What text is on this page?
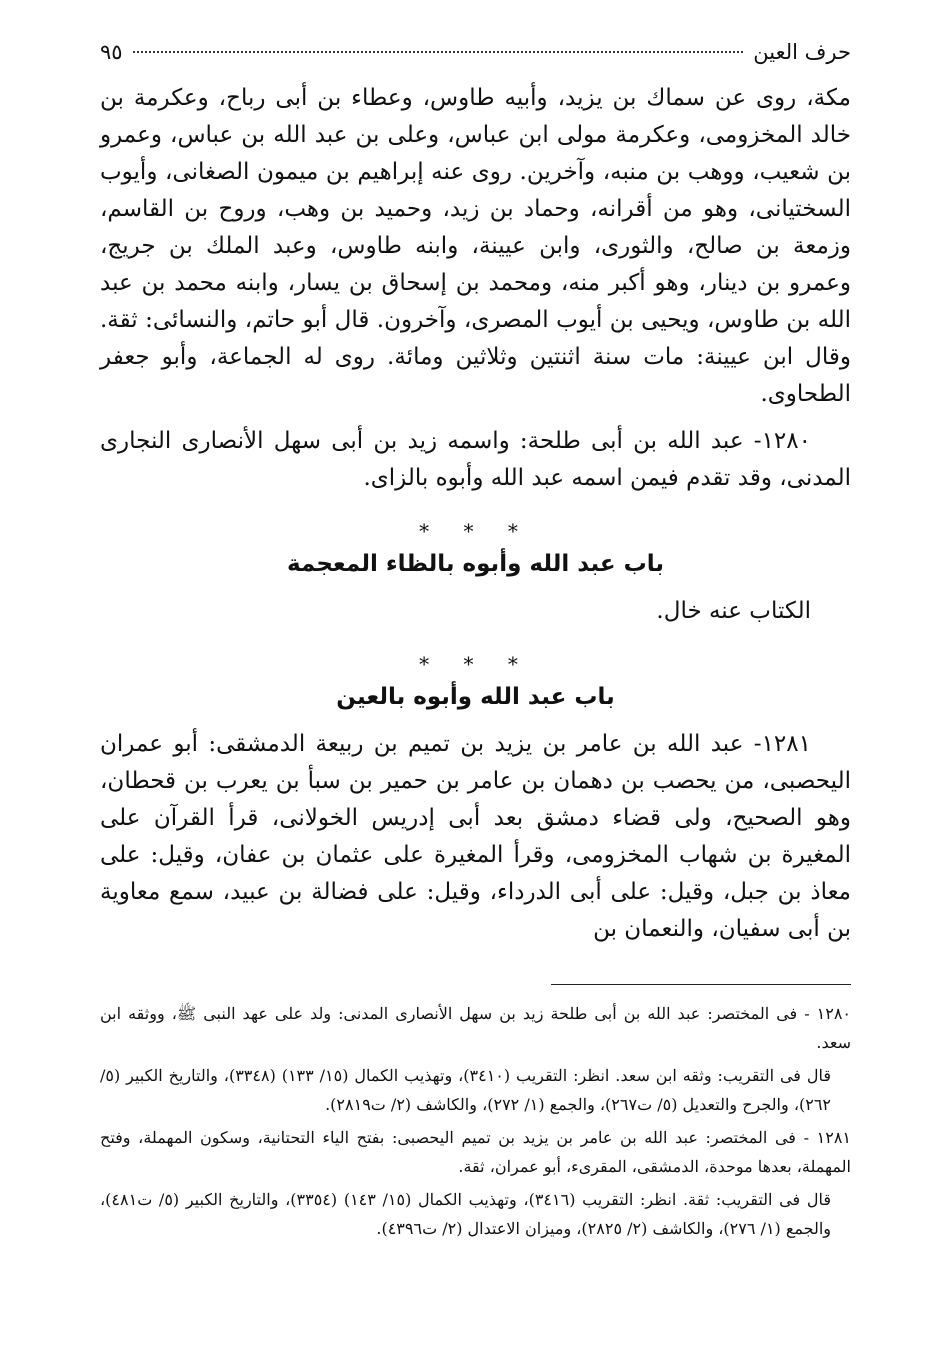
حرف العين
٩٥

مكة، روى عن سماك بن يزيد، وأبيه طاوس، وعطاء بن أبى رباح، وعكرمة بن خالد المخزومى، وعكرمة مولى ابن عباس، وعلى بن عبد الله بن عباس، وعمرو بن شعيب، ووهب بن منبه، وآخرين. روى عنه إبراهيم بن ميمون الصغانى، وأيوب السختيانى، وهو من أقرانه، وحماد بن زيد، وحميد بن وهب، وروح بن القاسم، وزمعة بن صالح، والثورى، وابن عيينة، وابنه طاوس، وعبد الملك بن جريج، وعمرو بن دينار، وهو أكبر منه، ومحمد بن إسحاق بن يسار، وابنه محمد بن عبد الله بن طاوس، ويحيى بن أيوب المصرى، وآخرون. قال أبو حاتم، والنسائى: ثقة. وقال ابن عيينة: مات سنة اثنتين وثلاثين ومائة. روى له الجماعة، وأبو جعفر الطحاوى.

١٢٨٠- عبد الله بن أبى طلحة: واسمه زيد بن أبى سهل الأنصارى النجارى المدنى، وقد تقدم فيمن اسمه عبد الله وأبوه بالزاى.

* * *
باب عبد الله وأبوه بالظاء المعجمة

الكتاب عنه خال.

* * *
باب عبد الله وأبوه بالعين

١٢٨١- عبد الله بن عامر بن يزيد بن تميم بن ربيعة الدمشقى: أبو عمران اليحصبى، من يحصب بن دهمان بن عامر بن حمير بن سبأ بن يعرب بن قحطان، وهو الصحيح، ولى قضاء دمشق بعد أبى إدريس الخولانى، قرأ القرآن على المغيرة بن شهاب المخزومى، وقرأ المغيرة على عثمان بن عفان، وقيل: على معاذ بن جبل، وقيل: على أبى الدرداء، وقيل: على فضالة بن عبيد، سمع معاوية بن أبى سفيان، والنعمان بن

١٢٨٠ - فى المختصر: عبد الله بن أبى طلحة زيد بن سهل الأنصارى المدنى: ولد على عهد النبى ﷺ، ووثقه ابن سعد.

قال فى التقريب: وثقه ابن سعد. انظر: التقريب (٣٤١٠)، وتهذيب الكمال (١٥/ ١٣٣) (٣٣٤٨)، والتاريخ الكبير (٥/ ٢٦٢)، والجرح والتعديل (٥/ ت٢٦٧)، والجمع (١/ ٢٧٢)، والكاشف (٢/ ت٢٨١٩).

١٢٨١ - فى المختصر: عبد الله بن عامر بن يزيد بن تميم اليحصبى: بفتح الياء التحتانية، وسكون المهملة، وفتح المهملة، بعدها موحدة، الدمشقى، المقرىء، أبو عمران، ثقة.

قال فى التقريب: ثقة. انظر: التقريب (٣٤١٦)، وتهذيب الكمال (١٥/ ١٤٣) (٣٣٥٤)، والتاريخ الكبير (٥/ ت٤٨١)، والجمع (١/ ٢٧٦)، والكاشف (٢/ ٢٨٢٥)، وميزان الاعتدال (٢/ ت٤٣٩٦).
